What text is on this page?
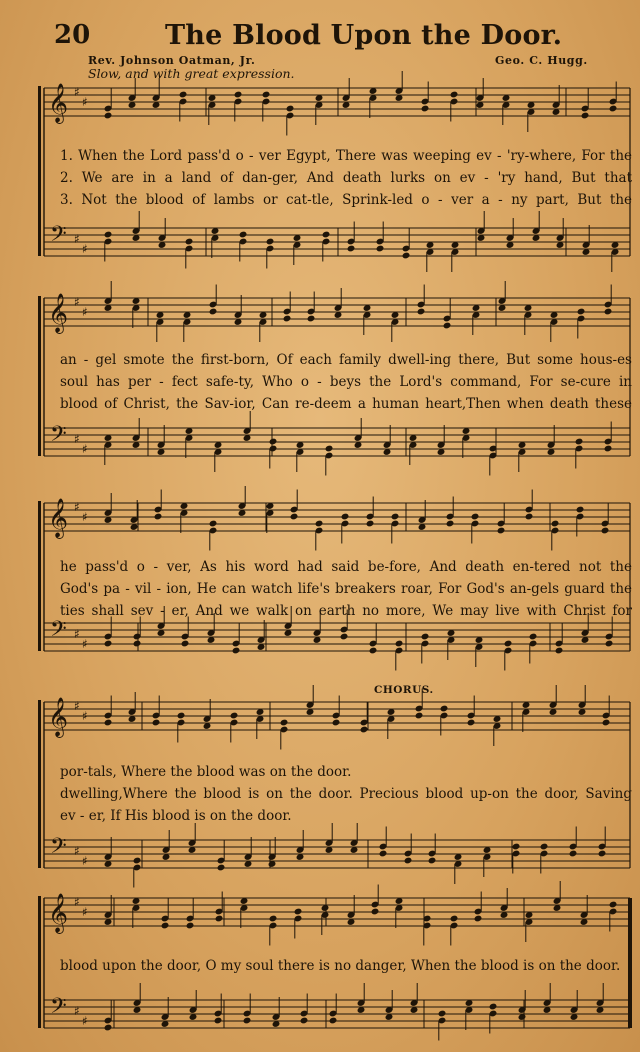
20	The Blood Upon the Door.
Rev. Johnson Oatman, Jr.	Geo. C. Hugg.
Slow, and with great expression.
𝄞
𝄢
♯
♯
♯
♯
1. When the Lord pass'd o - ver Egypt, There was weeping ev - 'ry-where, For the
2. We are in a land of dan-ger, And death lurks on ev - 'ry hand, But that
3. Not the blood of lambs or cat-tle, Sprink-led o - ver a - ny part, But the
𝄞
𝄢
♯
♯
♯
♯
an - gel smote the first-born, Of each family dwell-ing there, But some hous-es
soul has per - fect safe-ty, Who o - beys the Lord's command, For se-cure in
blood of Christ, the Sav-ior, Can re-deem a human heart,Then when death these
𝄞
𝄢
♯
♯
♯
♯
he pass'd o - ver, As his word had said be-fore, And death en-tered not the
God's pa - vil - ion, He can watch life's breakers roar, For God's an-gels guard the
ties shall sev - er, And we walk on earth no more, We may live with Christ for
CHORUS.
𝄞
𝄢
♯
♯
♯
♯
por-tals, Where the blood was on the door.
dwelling,Where the blood is on the door. Precious blood up-on the door, Saving
ev - er, If His blood is on the door.
𝄞
𝄢
♯
♯
♯
♯
blood upon the door, O my soul there is no danger, When the blood is on the door.
